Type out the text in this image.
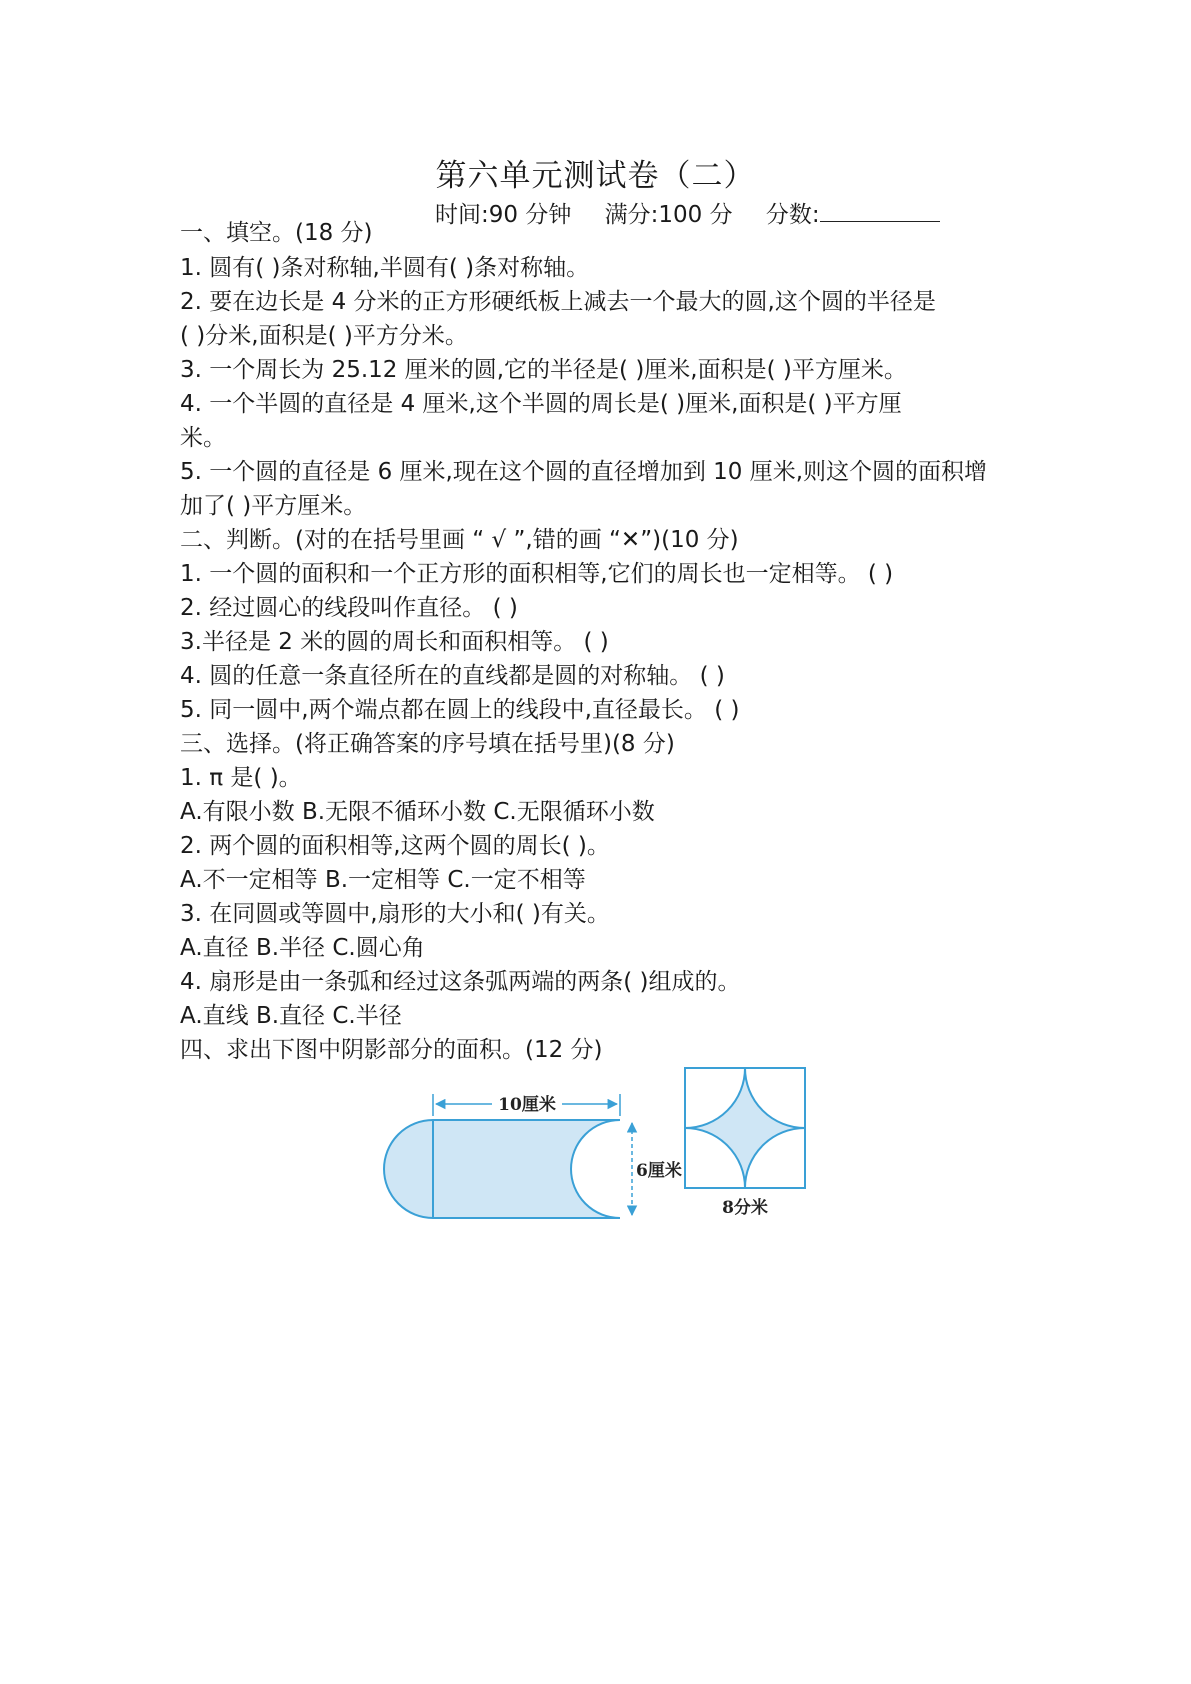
第六单元测试卷（二）
时间:90 分钟 满分:100 分 分数:
一、填空。(18 分)
1. 圆有( )条对称轴,半圆有( )条对称轴。
2. 要在边长是 4 分米的正方形硬纸板上减去一个最大的圆,这个圆的半径是
( )分米,面积是( )平方分米。
3. 一个周长为 25.12 厘米的圆,它的半径是( )厘米,面积是( )平方厘米。
4. 一个半圆的直径是 4 厘米,这个半圆的周长是( )厘米,面积是( )平方厘
米。
5. 一个圆的直径是 6 厘米,现在这个圆的直径增加到 10 厘米,则这个圆的面积增
加了( )平方厘米。
二、判断。(对的在括号里画 “ √ ”,错的画 “✕”)(10 分)
1. 一个圆的面积和一个正方形的面积相等,它们的周长也一定相等。 ( )
2. 经过圆心的线段叫作直径。 ( )
3.半径是 2 米的圆的周长和面积相等。 ( )
4. 圆的任意一条直径所在的直线都是圆的对称轴。 ( )
5. 同一圆中,两个端点都在圆上的线段中,直径最长。 ( )
三、选择。(将正确答案的序号填在括号里)(8 分)
1. π 是( )。
A.有限小数 B.无限不循环小数 C.无限循环小数
2. 两个圆的面积相等,这两个圆的周长( )。
A.不一定相等 B.一定相等 C.一定不相等
3. 在同圆或等圆中,扇形的大小和( )有关。
A.直径 B.半径 C.圆心角
4. 扇形是由一条弧和经过这条弧两端的两条( )组成的。
A.直线 B.直径 C.半径
四、求出下图中阴影部分的面积。(12 分)
10厘米
6厘米
8分米
